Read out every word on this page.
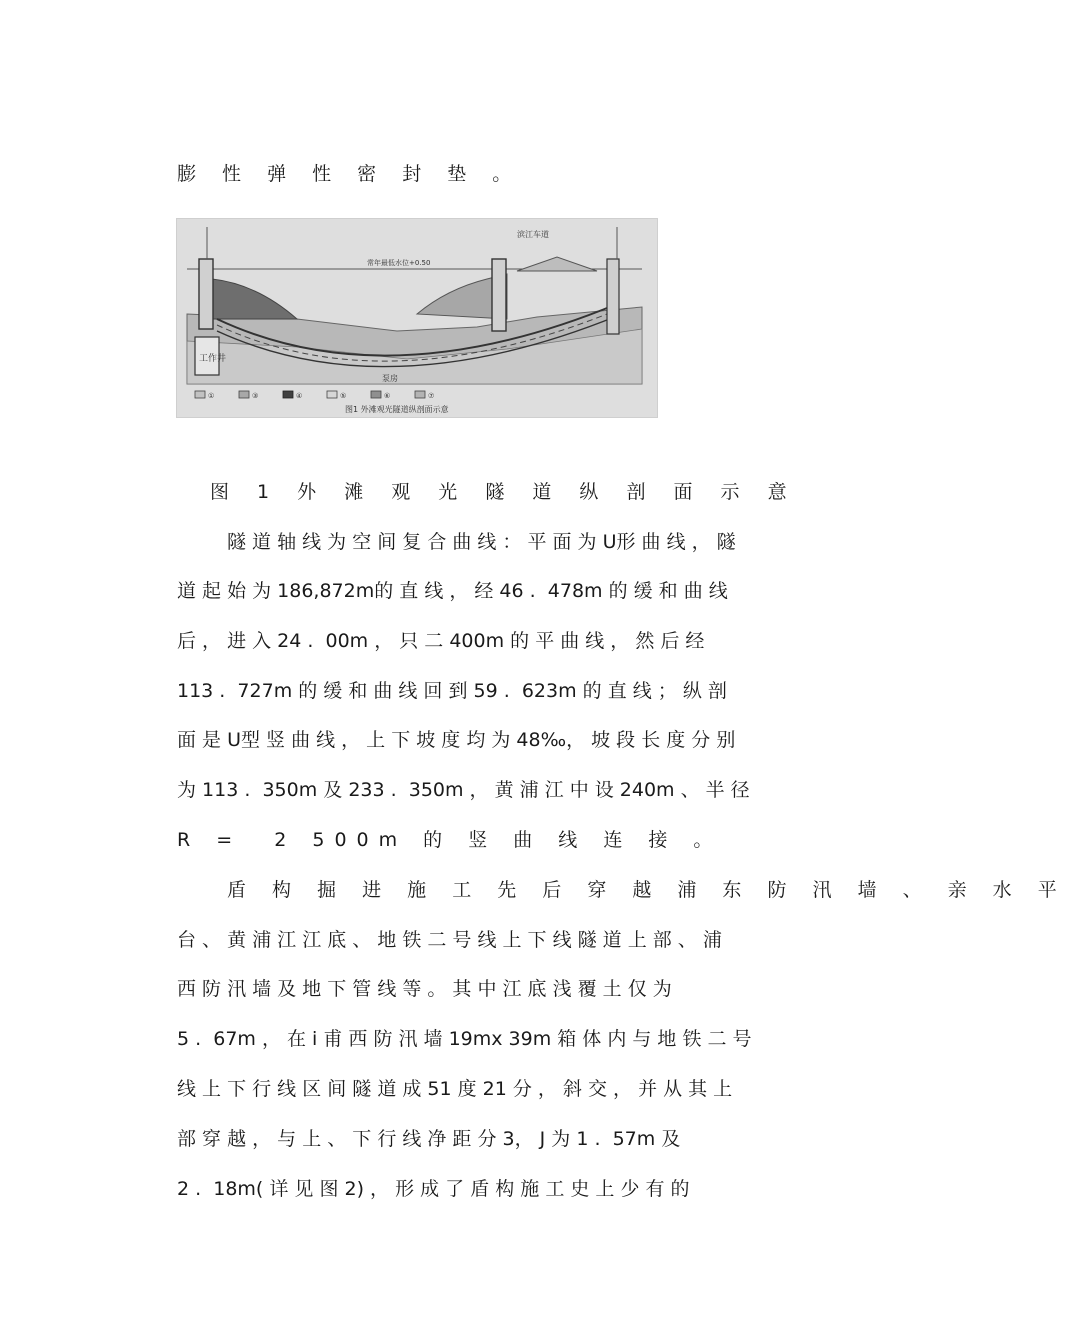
膨 性 弹 性 密 封 垫 。
工作井
滨江车道
常年最低水位+0.50
泵房
①	③	④	⑤	⑥	⑦
图1 外滩观光隧道纵剖面示意
图 1 外 滩 观 光 隧 道 纵 剖 面 示 意
隧 道 轴 线 为 空 间 复 合 曲 线 ： 平 面 为 U形 曲 线 ， 隧
道 起 始 为 186,872m的 直 线 ， 经 46 .  478m 的 缓 和 曲 线
后 ， 进 入 24 .  00m ， 只 二 400m 的 平 曲 线 ， 然 后 经
113 .  727m 的 缓 和 曲 线 回 到 59 .  623m 的 直 线 ； 纵 剖
面 是 U型 竖 曲 线 ， 上 下 坡 度 均 为 48‰， 坡 段 长 度 分 别
为 113 .  350m 及 233 .  350m ， 黄 浦 江 中 设 240m 、 半 径
R =  2 500m 的 竖 曲 线 连 接 。
盾 构 掘 进 施 工 先 后 穿 越 浦 东 防 汛 墙 、 亲 水 平
台 、 黄 浦 江 江 底 、 地 铁 二 号 线 上 下 线 隧 道 上 部 、 浦
西 防 汛 墙 及 地 下 管 线 等 。 其 中 江 底 浅 覆 土 仅 为
5 .  67m ， 在 i 甫 西 防 汛 墙 19mx 39m 箱 体 内 与 地 铁 二 号
线 上 下 行 线 区 间 隧 道 成 51 度 21 分 ， 斜 交 ， 并 从 其 上
部 穿 越 ， 与 上 、 下 行 线 净 距 分 3， J 为 1 .  57m 及
2 .  18m( 详 见 图 2) ， 形 成 了 盾 构 施 工 史 上 少 有 的
